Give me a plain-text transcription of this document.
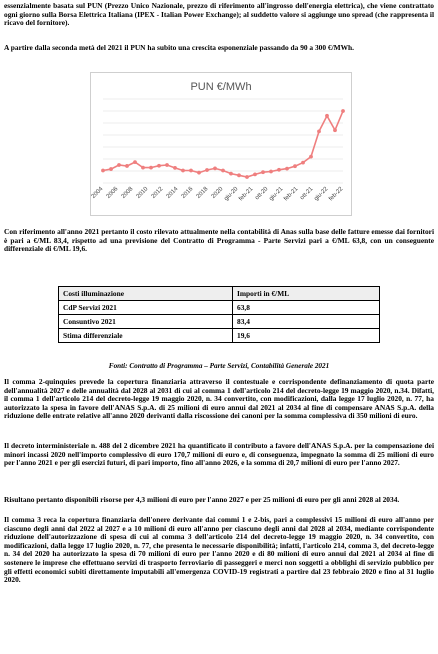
essenzialmente basata sul PUN (Prezzo Unico Nazionale, prezzo di riferimento all'ingrosso dell'energia elettrica), che viene contrattato ogni giorno sulla Borsa Elettrica Italiana (IPEX - Italian Power Exchange); al suddetto valore si aggiunge uno spread (che rappresenta il ricavo del fornitore).

A partire dalla seconda metà del 2021 il PUN ha subito una crescita esponenziale passando da 90 a 300 €/MWh.

PUN €/MWh
2004 2006 2008 2010 2012 2014 2016 2018 2020
giu-20
feb-21 ott-20
giu-21
feb-21 ott-21
giu-22
feb-22

Con riferimento all'anno 2021 pertanto il costo rilevato attualmente nella contabilità di Anas sulla base delle fatture emesse dai fornitori è pari a €/ML 83,4, rispetto ad una previsione del Contratto di Programma - Parte Servizi pari a €/ML 63,8, con un conseguente differenziale di €/ML 19,6.

Costi illuminazione	Importi in €/ML
CdP Servizi 2021	63,8
Consuntivo 2021	83,4
Stima differenziale	19,6
Fonti: Contratto di Programma – Parte Servizi, Contabilità Generale 2021

Il comma 2-quinquies prevede la copertura finanziaria attraverso il contestuale e corrispondente definanziamento di quota parte dell'annualità 2027 e delle annualità dal 2028 al 2031 di cui al comma 1 dell'articolo 214 del decreto-legge 19 maggio 2020, n.34. Difatti, il comma 1 dell'articolo 214 del decreto-legge 19 maggio 2020, n. 34 convertito, con modificazioni, dalla legge 17 luglio 2020, n. 77, ha autorizzato la spesa in favore dell'ANAS S.p.A. di 25 milioni di euro annui dal 2021 al 2034 al fine di compensare ANAS S.p.A. della riduzione delle entrate relative all'anno 2020 derivanti dalla riscossione dei canoni per la somma complessiva di 350 milioni di euro.

Il decreto interministeriale n. 488 del 2 dicembre 2021 ha quantificato il contributo a favore dell'ANAS S.p.A. per la compensazione dei minori incassi 2020 nell'importo complessivo di euro 170,7 milioni di euro e, di conseguenza, impegnato la somma di 25 milioni di euro per l'anno 2021 e per gli esercizi futuri, di pari importo, fino all'anno 2026, e la somma di 20,7 milioni di euro per l'anno 2027.

Risultano pertanto disponibili risorse per 4,3 milioni di euro per l'anno 2027 e per 25 milioni di euro per gli anni 2028 al 2034.

Il comma 3 reca la copertura finanziaria dell'onere derivante dai commi 1 e 2-bis, pari a complessivi 15 milioni di euro all'anno per ciascuno degli anni dal 2022 al 2027 e a 10 milioni di euro all'anno per ciascuno degli anni dal 2028 al 2034, mediante corrispondente riduzione dell'autorizzazione di spesa di cui al comma 3 dell'articolo 214 del decreto-legge 19 maggio 2020, n. 34 convertito, con modificazioni, dalla legge 17 luglio 2020, n. 77, che presenta le necessarie disponibilità; infatti, l'articolo 214, comma 3, del decreto-legge n. 34 del 2020 ha autorizzato la spesa di 70 milioni di euro per l'anno 2020 e di 80 milioni di euro annui dal 2021 al 2034 al fine di sostenere le imprese che effettuano servizi di trasporto ferroviario di passeggeri e merci non soggetti a obblighi di servizio pubblico per gli effetti economici subiti direttamente imputabili all'emergenza COVID-19 registrati a partire dal 23 febbraio 2020 e fino al 31 luglio 2020.
